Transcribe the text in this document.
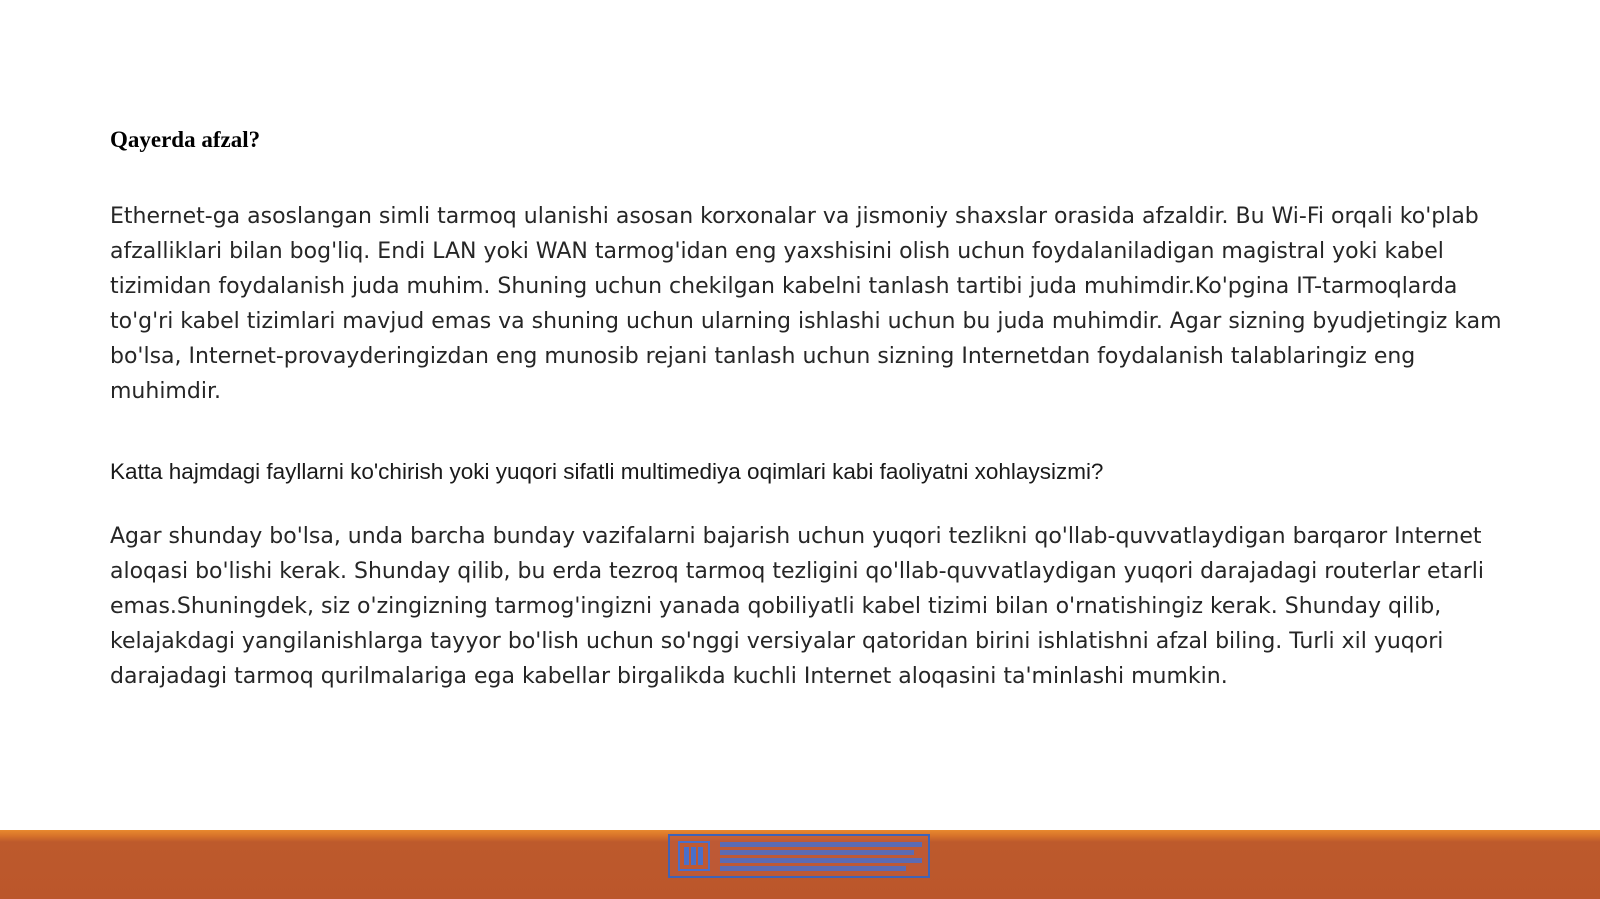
Qayerda afzal?

Ethernet-ga asoslangan simli tarmoq ulanishi asosan korxonalar va jismoniy shaxslar orasida afzaldir. Bu Wi-Fi orqali ko'plab afzalliklari bilan bog'liq. Endi LAN yoki WAN tarmog'idan eng yaxshisini olish uchun foydalaniladigan magistral yoki kabel tizimidan foydalanish juda muhim. Shuning uchun chekilgan kabelni tanlash tartibi juda muhimdir.Ko'pgina IT-tarmoqlarda to'g'ri kabel tizimlari mavjud emas va shuning uchun ularning ishlashi uchun bu juda muhimdir. Agar sizning byudjetingiz kam bo'lsa, Internet-provayderingizdan eng munosib rejani tanlash uchun sizning Internetdan foydalanish talablaringiz eng muhimdir.

Katta hajmdagi fayllarni ko'chirish yoki yuqori sifatli multimediya oqimlari kabi faoliyatni xohlaysizmi?

Agar shunday bo'lsa, unda barcha bunday vazifalarni bajarish uchun yuqori tezlikni qo'llab-quvvatlaydigan barqaror Internet aloqasi bo'lishi kerak. Shunday qilib, bu erda tezroq tarmoq tezligini qo'llab-quvvatlaydigan yuqori darajadagi routerlar etarli emas.Shuningdek, siz o'zingizning tarmog'ingizni yanada qobiliyatli kabel tizimi bilan o'rnatishingiz kerak. Shunday qilib, kelajakdagi yangilanishlarga tayyor bo'lish uchun so'nggi versiyalar qatoridan birini ishlatishni afzal biling. Turli xil yuqori darajadagi tarmoq qurilmalariga ega kabellar birgalikda kuchli Internet aloqasini ta'minlashi mumkin.
